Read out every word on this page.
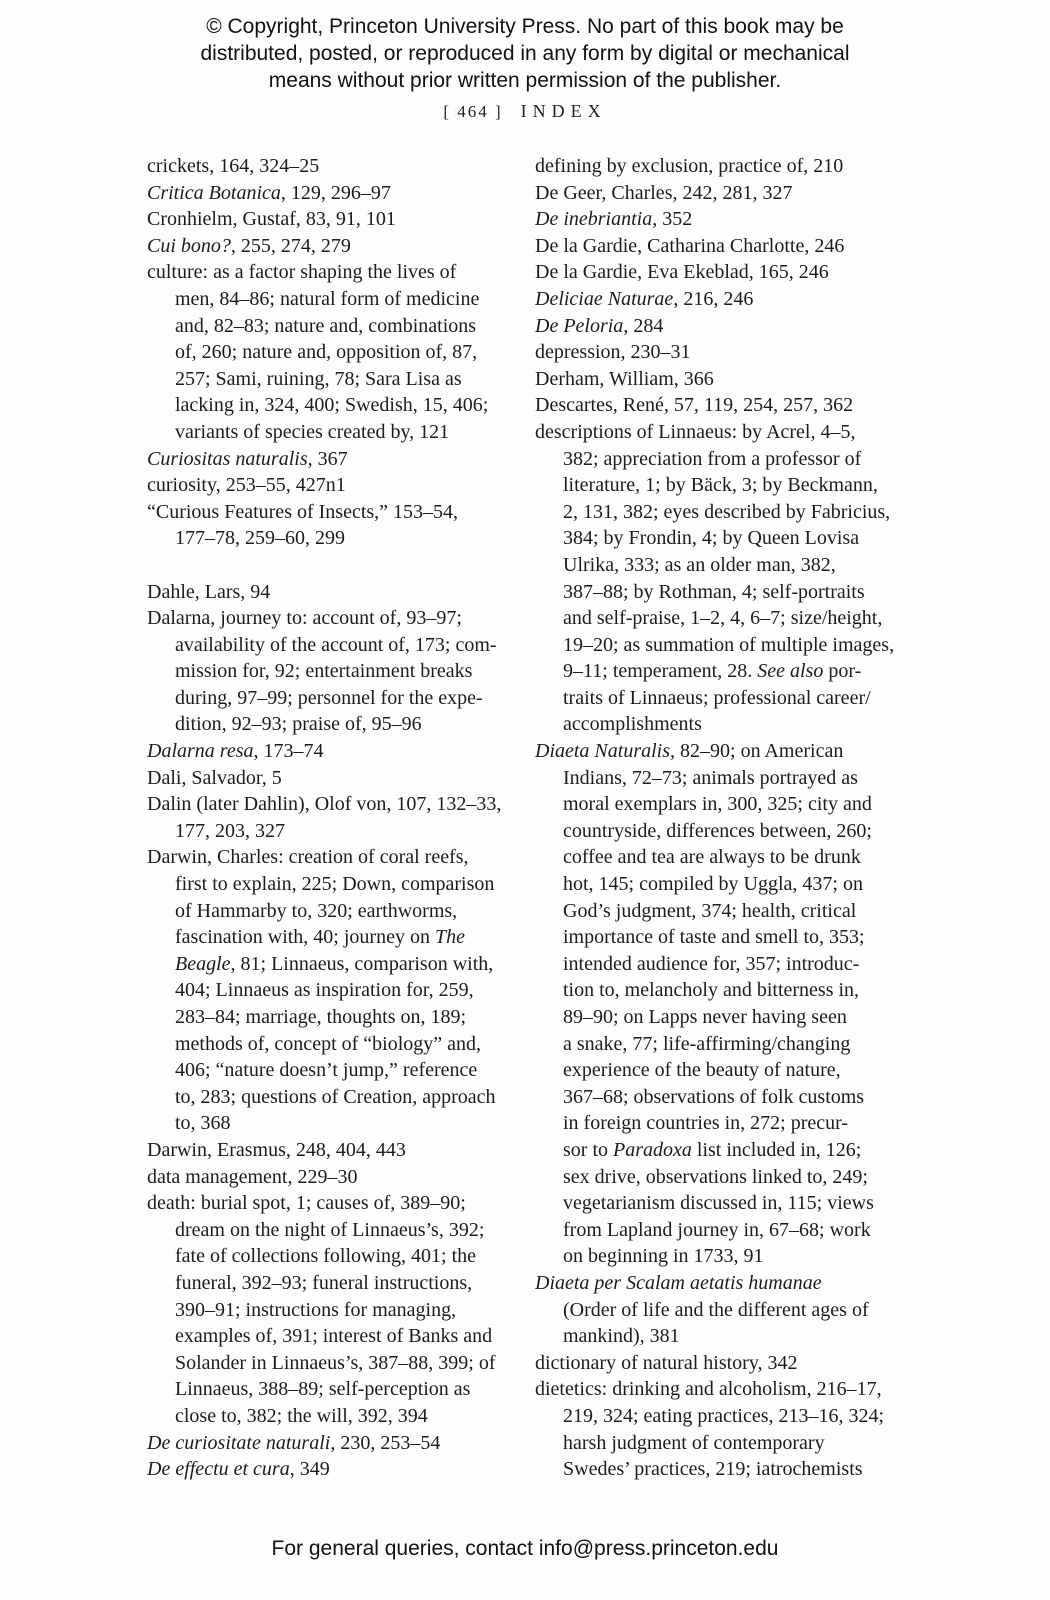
© Copyright, Princeton University Press. No part of this book may be
distributed, posted, or reproduced in any form by digital or mechanical
means without prior written permission of the publisher.
[ 464 ] INDEX
crickets, 164, 324–25
Critica Botanica, 129, 296–97
Cronhielm, Gustaf, 83, 91, 101
Cui bono?, 255, 274, 279
culture: as a factor shaping the lives of
men, 84–86; natural form of medicine
and, 82–83; nature and, combinations
of, 260; nature and, opposition of, 87,
257; Sami, ruining, 78; Sara Lisa as
lacking in, 324, 400; Swedish, 15, 406;
variants of species created by, 121
Curiositas naturalis, 367
curiosity, 253–55, 427n1
“Curious Features of Insects,” 153–54,
177–78, 259–60, 299
Dahle, Lars, 94
Dalarna, journey to: account of, 93–97;
availability of the account of, 173; com-
mission for, 92; entertainment breaks
during, 97–99; personnel for the expe-
dition, 92–93; praise of, 95–96
Dalarna resa, 173–74
Dali, Salvador, 5
Dalin (later Dahlin), Olof von, 107, 132–33,
177, 203, 327
Darwin, Charles: creation of coral reefs,
first to explain, 225; Down, comparison
of Hammarby to, 320; earthworms,
fascination with, 40; journey on The
Beagle, 81; Linnaeus, comparison with,
404; Linnaeus as inspiration for, 259,
283–84; marriage, thoughts on, 189;
methods of, concept of “biology” and,
406; “nature doesn’t jump,” reference
to, 283; questions of Creation, approach
to, 368
Darwin, Erasmus, 248, 404, 443
data management, 229–30
death: burial spot, 1; causes of, 389–90;
dream on the night of Linnaeus’s, 392;
fate of collections following, 401; the
funeral, 392–93; funeral instructions,
390–91; instructions for managing,
examples of, 391; interest of Banks and
Solander in Linnaeus’s, 387–88, 399; of
Linnaeus, 388–89; self-perception as
close to, 382; the will, 392, 394
De curiositate naturali, 230, 253–54
De effectu et cura, 349
defining by exclusion, practice of, 210
De Geer, Charles, 242, 281, 327
De inebriantia, 352
De la Gardie, Catharina Charlotte, 246
De la Gardie, Eva Ekeblad, 165, 246
Deliciae Naturae, 216, 246
De Peloria, 284
depression, 230–31
Derham, William, 366
Descartes, René, 57, 119, 254, 257, 362
descriptions of Linnaeus: by Acrel, 4–5,
382; appreciation from a professor of
literature, 1; by Bäck, 3; by Beckmann,
2, 131, 382; eyes described by Fabricius,
384; by Frondin, 4; by Queen Lovisa
Ulrika, 333; as an older man, 382,
387–88; by Rothman, 4; self-portraits
and self-praise, 1–2, 4, 6–7; size/height,
19–20; as summation of multiple images,
9–11; temperament, 28. See also por-
traits of Linnaeus; professional career/
accomplishments
Diaeta Naturalis, 82–90; on American
Indians, 72–73; animals portrayed as
moral exemplars in, 300, 325; city and
countryside, differences between, 260;
coffee and tea are always to be drunk
hot, 145; compiled by Uggla, 437; on
God’s judgment, 374; health, critical
importance of taste and smell to, 353;
intended audience for, 357; introduc-
tion to, melancholy and bitterness in,
89–90; on Lapps never having seen
a snake, 77; life-affirming/changing
experience of the beauty of nature,
367–68; observations of folk customs
in foreign countries in, 272; precur-
sor to Paradoxa list included in, 126;
sex drive, observations linked to, 249;
vegetarianism discussed in, 115; views
from Lapland journey in, 67–68; work
on beginning in 1733, 91
Diaeta per Scalam aetatis humanae
(Order of life and the different ages of
mankind), 381
dictionary of natural history, 342
dietetics: drinking and alcoholism, 216–17,
219, 324; eating practices, 213–16, 324;
harsh judgment of contemporary
Swedes’ practices, 219; iatrochemists
For general queries, contact info@press.princeton.edu
